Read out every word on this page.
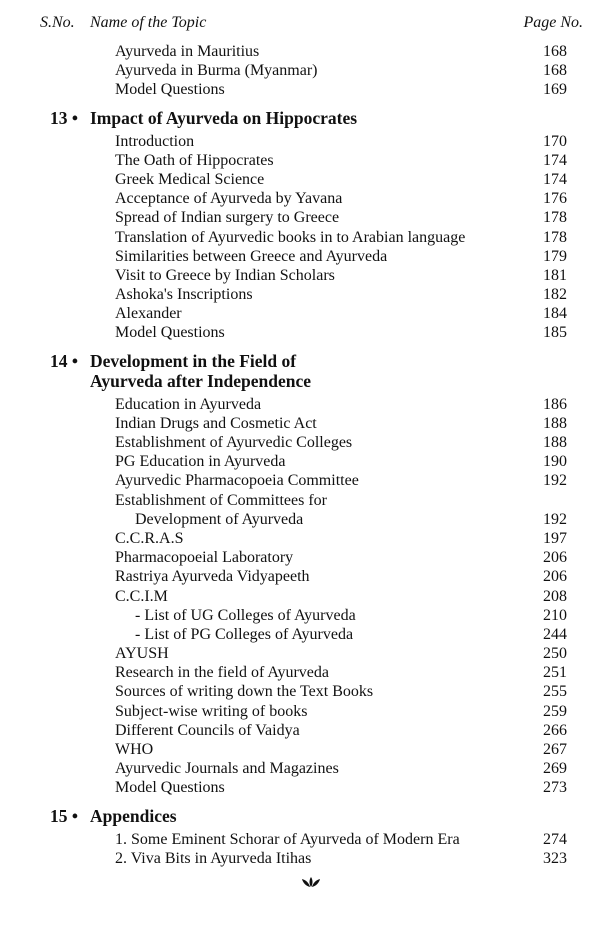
S.No. Name of the Topic	Page No.
Ayurveda in Mauritius	168
Ayurveda in Burma (Myanmar)	168
Model Questions	169
13 • Impact of Ayurveda on Hippocrates
Introduction	170
The Oath of Hippocrates	174
Greek Medical Science	174
Acceptance of Ayurveda by Yavana	176
Spread of Indian surgery to Greece	178
Translation of Ayurvedic books in to Arabian language	178
Similarities between Greece and Ayurveda	179
Visit to Greece by Indian Scholars	181
Ashoka's Inscriptions	182
Alexander	184
Model Questions	185
14 • Development in the Field of
Ayurveda after Independence
Education in Ayurveda	186
Indian Drugs and Cosmetic Act	188
Establishment of Ayurvedic Colleges	188
PG Education in Ayurveda	190
Ayurvedic Pharmacopoeia Committee	192
Establishment of Committees for
Development of Ayurveda	192
C.C.R.A.S	197
Pharmacopoeial Laboratory	206
Rastriya Ayurveda Vidyapeeth	206
C.C.I.M	208
- List of UG Colleges of Ayurveda	210
- List of PG Colleges of Ayurveda	244
AYUSH	250
Research in the field of Ayurveda	251
Sources of writing down the Text Books	255
Subject-wise writing of books	259
Different Councils of Vaidya	266
WHO	267
Ayurvedic Journals and Magazines	269
Model Questions	273
15 • Appendices
1. Some Eminent Schorar of Ayurveda of Modern Era	274
2. Viva Bits in Ayurveda Itihas	323
